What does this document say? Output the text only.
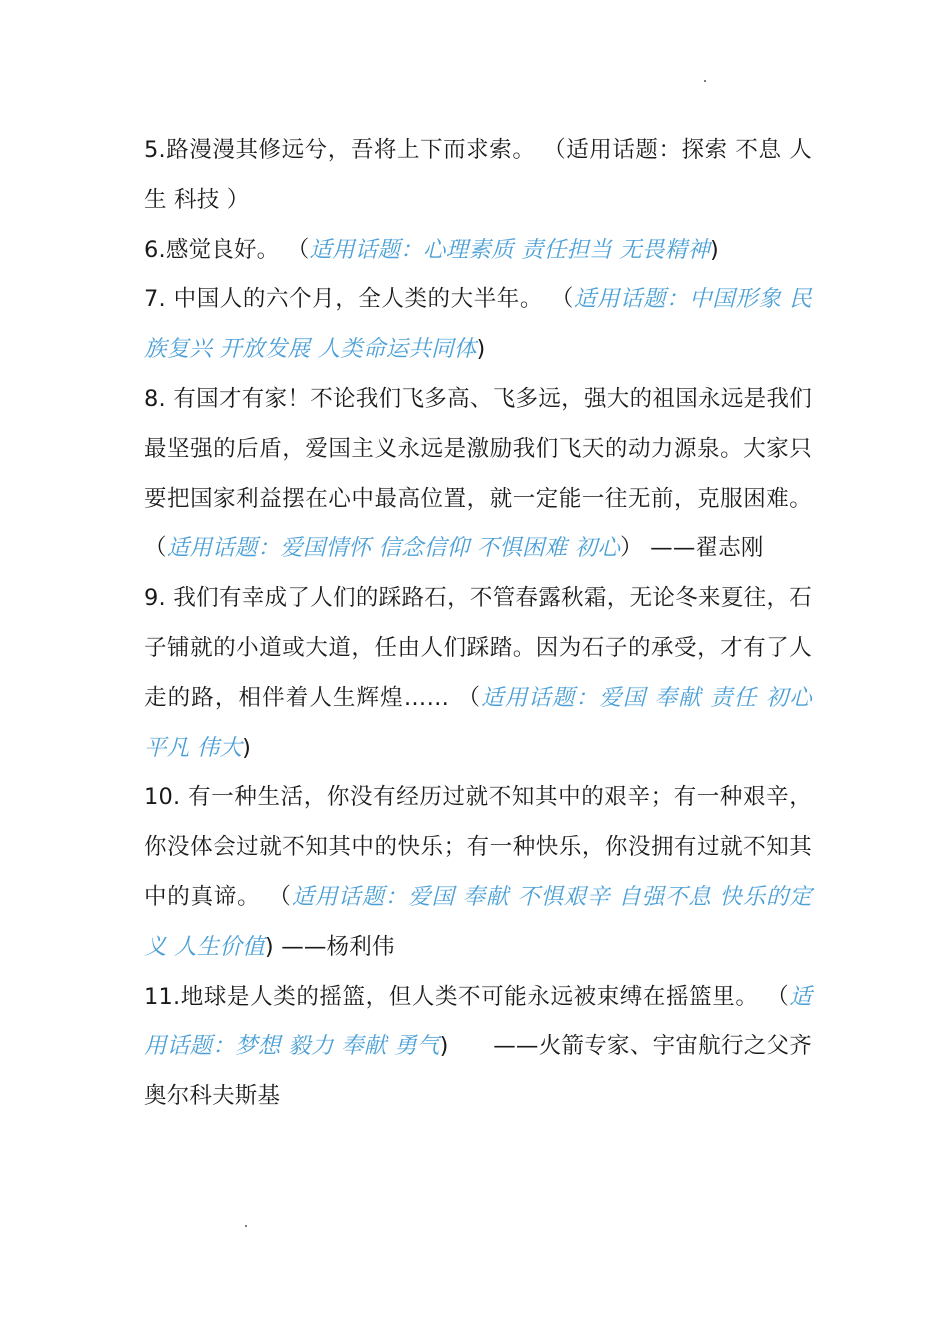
5.路漫漫其修远兮，吾将上下而求索。 （适用话题：探索 不息 人生 科技 ）

6.感觉良好。 （适用话题：心理素质 责任担当 无畏精神)

7. 中国人的六个月，全人类的大半年。 （适用话题：中国形象 民族复兴 开放发展 人类命运共同体)

8. 有国才有家！不论我们飞多高、飞多远，强大的祖国永远是我们最坚强的后盾，爱国主义永远是激励我们飞天的动力源泉。大家只要把国家利益摆在心中最高位置，就一定能一往无前，克服困难。 （适用话题：爱国情怀 信念信仰 不惧困难 初心） ——翟志刚

9. 我们有幸成了人们的踩路石，不管春露秋霜，无论冬来夏往，石子铺就的小道或大道，任由人们踩踏。因为石子的承受，才有了人走的路，相伴着人生辉煌…… （适用话题：爱国 奉献 责任 初心 平凡 伟大)

10. 有一种生活，你没有经历过就不知其中的艰辛；有一种艰辛，你没体会过就不知其中的快乐；有一种快乐，你没拥有过就不知其中的真谛。 （适用话题：爱国 奉献 不惧艰辛 自强不息 快乐的定义 人生价值) ——杨利伟

11.地球是人类的摇篮，但人类不可能永远被束缚在摇篮里。 （适用话题：梦想 毅力 奉献 勇气) ——火箭专家、宇宙航行之父齐奥尔科夫斯基
